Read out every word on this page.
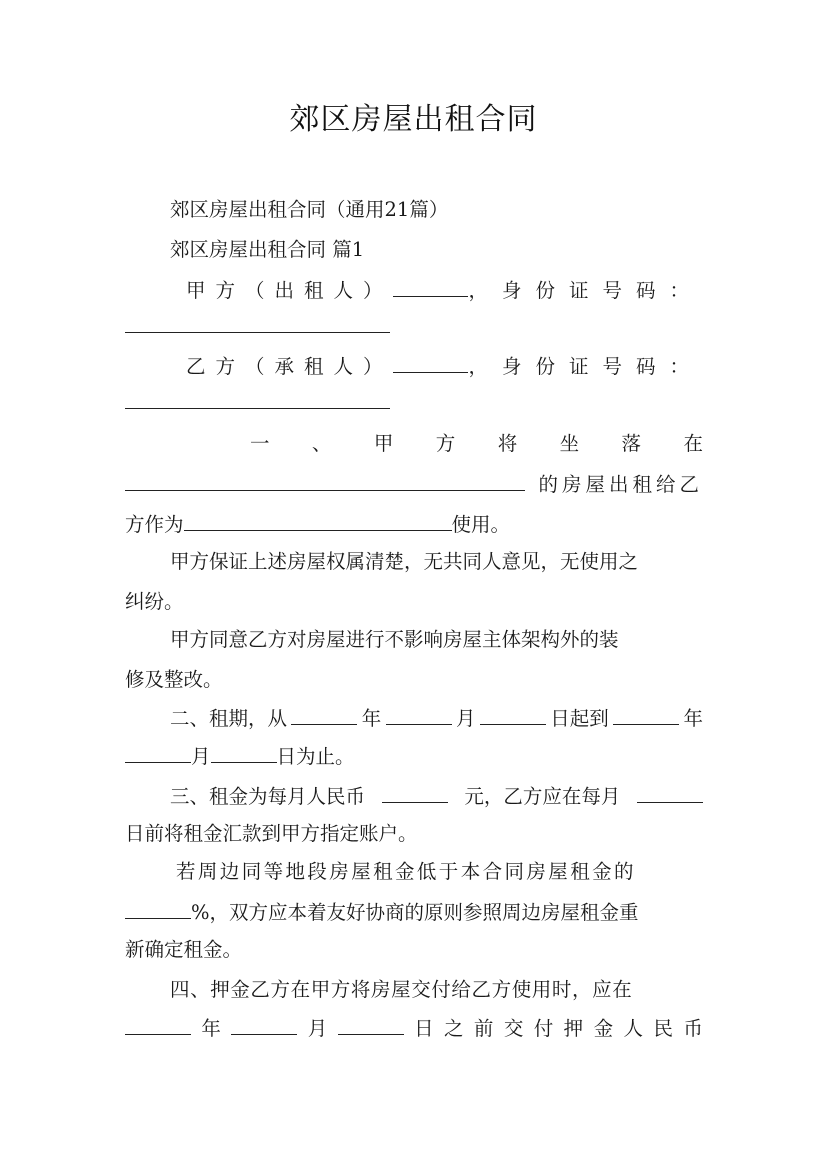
郊区房屋出租合同
郊区房屋出租合同（通用21篇）
郊区房屋出租合同 篇1
甲方（出租人）	，身份证号码：
乙方（承租人）	，身份证号码：
一 、 甲 方 将 坐 落 在
的房屋出租给乙
方作为	使用。
甲方保证上述房屋权属清楚，无共同人意见，无使用之
纠纷。
甲方同意乙方对房屋进行不影响房屋主体架构外的装
修及整改。
二、租期，从	年	月	日起到	年
月	日为止。
三、租金为每月人民币	元，乙方应在每月
日前将租金汇款到甲方指定账户。
若周边同等地段房屋租金低于本合同房屋租金的
%，双方应本着友好协商的原则参照周边房屋租金重
新确定租金。
四、押金乙方在甲方将房屋交付给乙方使用时，应在
年	月	日 之 前 交 付 押 金 人 民 币
